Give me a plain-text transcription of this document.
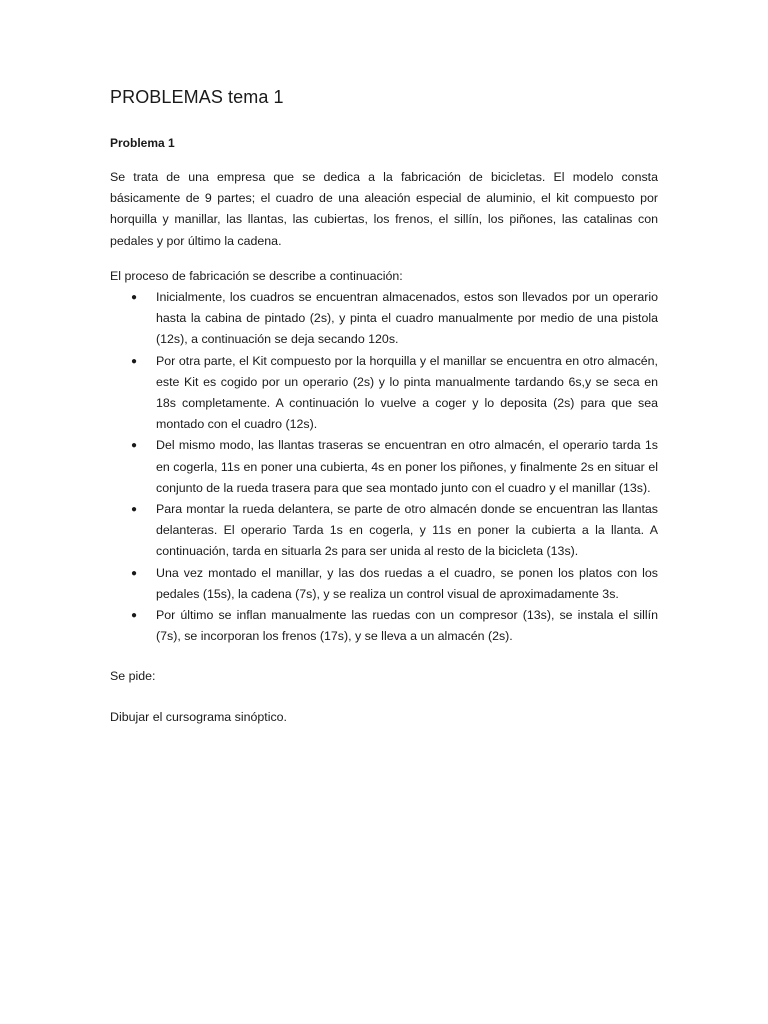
PROBLEMAS tema 1
Problema 1

Se trata de una empresa que se dedica a la fabricación de bicicletas. El modelo consta básicamente de 9 partes; el cuadro de una aleación especial de aluminio, el kit compuesto por horquilla y manillar, las llantas, las cubiertas, los frenos, el sillín, los piñones, las catalinas con pedales y por último la cadena.

El proceso de fabricación se describe a continuación:

● Inicialmente, los cuadros se encuentran almacenados, estos son llevados por un operario hasta la cabina de pintado (2s), y pinta el cuadro manualmente por medio de una pistola (12s), a continuación se deja secando 120s.
● Por otra parte, el Kit compuesto por la horquilla y el manillar se encuentra en otro almacén, este Kit es cogido por un operario (2s) y lo pinta manualmente tardando 6s,y se seca en 18s completamente. A continuación lo vuelve a coger y lo deposita (2s) para que sea montado con el cuadro (12s).
● Del mismo modo, las llantas traseras se encuentran en otro almacén, el operario tarda 1s en cogerla, 11s en poner una cubierta, 4s en poner los piñones, y finalmente 2s en situar el conjunto de la rueda trasera para que sea montado junto con el cuadro y el manillar (13s).
● Para montar la rueda delantera, se parte de otro almacén donde se encuentran las llantas delanteras. El operario Tarda 1s en cogerla, y 11s en poner la cubierta a la llanta. A continuación, tarda en situarla 2s para ser unida al resto de la bicicleta (13s).
● Una vez montado el manillar, y las dos ruedas a el cuadro, se ponen los platos con los pedales (15s), la cadena (7s), y se realiza un control visual de aproximadamente 3s.
● Por último se inflan manualmente las ruedas con un compresor (13s), se instala el sillín (7s), se incorporan los frenos (17s), y se lleva a un almacén (2s).

Se pide:

Dibujar el cursograma sinóptico.
